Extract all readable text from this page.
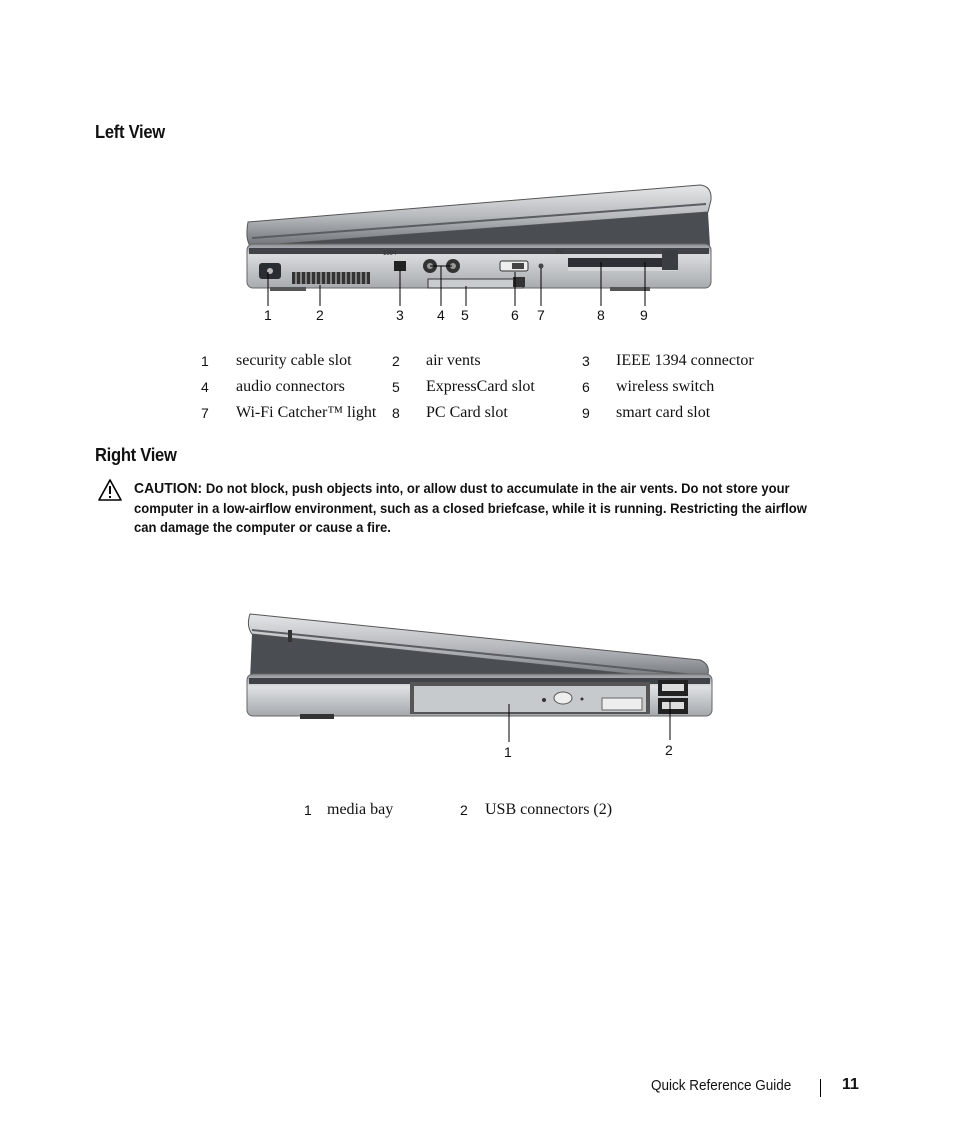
Left View
1394	PC
1	2	3 4 5	6 7	8	9
1	security cable slot	2	air vents	3	IEEE 1394 connector
4	audio connectors	5	ExpressCard slot	6	wireless switch
7	Wi-Fi Catcher™ light	8	PC Card slot	9	smart card slot
Right View
CAUTION: Do not block, push objects into, or allow dust to accumulate in the air vents. Do not store your
computer in a low-airflow environment, such as a closed briefcase, while it is running. Restricting the airflow
can damage the computer or cause a fire.
1	2
1	media bay	2	USB connectors (2)
Quick Reference Guide	11
